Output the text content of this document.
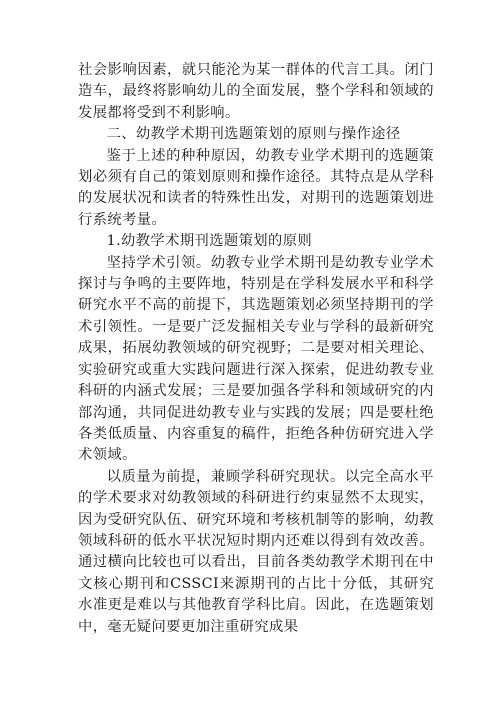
社会影响因素，就只能沦为某一群体的代言工具。闭门造车，最终将影响幼儿的全面发展，整个学科和领域的发展都将受到不利影响。

二、幼教学术期刊选题策划的原则与操作途径

鉴于上述的种种原因，幼教专业学术期刊的选题策划必须有自己的策划原则和操作途径。其特点是从学科的发展状况和读者的特殊性出发，对期刊的选题策划进行系统考量。

1.幼教学术期刊选题策划的原则

坚持学术引领。幼教专业学术期刊是幼教专业学术探讨与争鸣的主要阵地，特别是在学科发展水平和科学研究水平不高的前提下，其选题策划必须坚持期刊的学术引领性。一是要广泛发掘相关专业与学科的最新研究成果，拓展幼教领域的研究视野；二是要对相关理论、实验研究或重大实践问题进行深入探索，促进幼教专业科研的内涵式发展；三是要加强各学科和领域研究的内部沟通，共同促进幼教专业与实践的发展；四是要杜绝各类低质量、内容重复的稿件，拒绝各种仿研究进入学术领域。

以质量为前提，兼顾学科研究现状。以完全高水平的学术要求对幼教领域的科研进行约束显然不太现实，因为受研究队伍、研究环境和考核机制等的影响，幼教领域科研的低水平状况短时期内还难以得到有效改善。通过横向比较也可以看出，目前各类幼教学术期刊在中文核心期刊和CSSCI来源期刊的占比十分低，其研究水准更是难以与其他教育学科比肩。因此，在选题策划中，毫无疑问要更加注重研究成果
